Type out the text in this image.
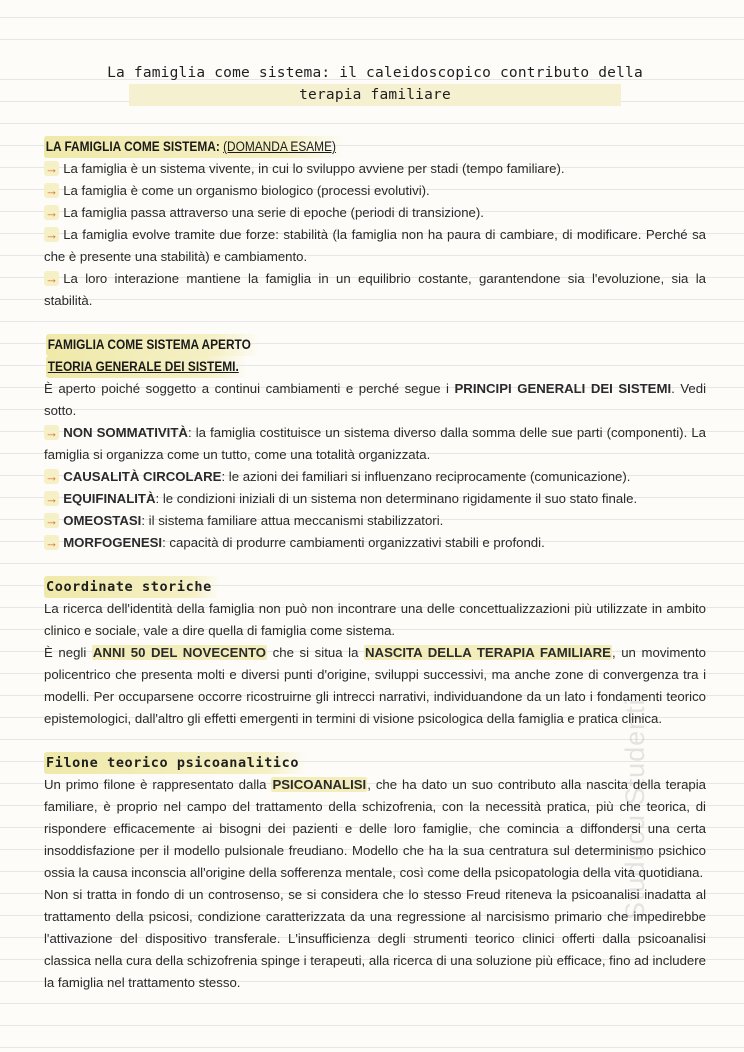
Studocu Studenti
La famiglia come sistema: il caleidoscopico contributo della
terapia familiare
LA FAMIGLIA COME SISTEMA: (DOMANDA ESAME)
→ La famiglia è un sistema vivente, in cui lo sviluppo avviene per stadi (tempo familiare).
→ La famiglia è come un organismo biologico (processi evolutivi).
→ La famiglia passa attraverso una serie di epoche (periodi di transizione).
→ La famiglia evolve tramite due forze: stabilità (la famiglia non ha paura di cambiare, di modificare. Perché sa che è presente una stabilità) e cambiamento.
→ La loro interazione mantiene la famiglia in un equilibrio costante, garantendone sia l'evoluzione, sia la stabilità.
FAMIGLIA COME SISTEMA APERTO
TEORIA GENERALE DEI SISTEMI.

È aperto poiché soggetto a continui cambiamenti e perché segue i PRINCIPI GENERALI DEI SISTEMI. Vedi sotto.

→ NON SOMMATIVITÀ: la famiglia costituisce un sistema diverso dalla somma delle sue parti (componenti). La famiglia si organizza come un tutto, come una totalità organizzata.
→ CAUSALITÀ CIRCOLARE: le azioni dei familiari si influenzano reciprocamente (comunicazione).
→ EQUIFINALITÀ: le condizioni iniziali di un sistema non determinano rigidamente il suo stato finale.
→ OMEOSTASI: il sistema familiare attua meccanismi stabilizzatori.
→ MORFOGENESI: capacità di produrre cambiamenti organizzativi stabili e profondi.
Coordinate storiche

La ricerca dell'identità della famiglia non può non incontrare una delle concettualizzazioni più utilizzate in ambito clinico e sociale, vale a dire quella di famiglia come sistema.

È negli ANNI 50 DEL NOVECENTO che si situa la NASCITA DELLA TERAPIA FAMILIARE, un movimento policentrico che presenta molti e diversi punti d'origine, sviluppi successivi, ma anche zone di convergenza tra i modelli. Per occuparsene occorre ricostruirne gli intrecci narrativi, individuandone da un lato i fondamenti teorico epistemologici, dall'altro gli effetti emergenti in termini di visione psicologica della famiglia e pratica clinica.

Filone teorico psicoanalitico

Un primo filone è rappresentato dalla PSICOANALISI, che ha dato un suo contributo alla nascita della terapia familiare, è proprio nel campo del trattamento della schizofrenia, con la necessità pratica, più che teorica, di rispondere efficacemente ai bisogni dei pazienti e delle loro famiglie, che comincia a diffondersi una certa insoddisfazione per il modello pulsionale freudiano. Modello che ha la sua centratura sul determinismo psichico ossia la causa inconscia all'origine della sofferenza mentale, così come della psicopatologia della vita quotidiana.

Non si tratta in fondo di un controsenso, se si considera che lo stesso Freud riteneva la psicoanalisi inadatta al trattamento della psicosi, condizione caratterizzata da una regressione al narcisismo primario che impedirebbe l'attivazione del dispositivo transferale. L'insufficienza degli strumenti teorico clinici offerti dalla psicoanalisi classica nella cura della schizofrenia spinge i terapeuti, alla ricerca di una soluzione più efficace, fino ad includere la famiglia nel trattamento stesso.
